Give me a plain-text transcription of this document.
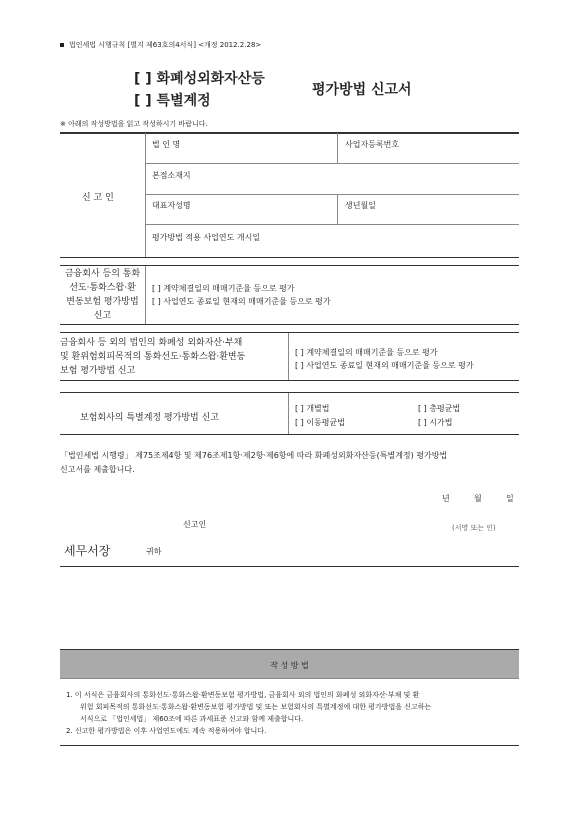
법인세법 시행규칙 [별지 제63호의4서식] <개정 2012.2.28>
[ ] 화폐성외화자산등
[ ] 특별계정
평가방법 신고서
※ 아래의 작성방법을 읽고 작성하시기 바랍니다.
신 고 인
법 인 명	사업자등록번호
본점소재지
대표자성명	생년월일
평가방법 적용 사업연도 개시일
금융회사 등의 통화
선도·통화스왑·환
변동보험 평가방법
신고
[ ] 계약체결일의 매매기준율 등으로 평가
[ ] 사업연도 종료일 현재의 매매기준율 등으로 평가
금융회사 등 외의 법인의 화폐성 외화자산·부채
및 환위험회피목적의 통화선도·통화스왑·환변동
보험 평가방법 신고
[ ] 계약체결일의 매매기준율 등으로 평가
[ ] 사업연도 종료일 현재의 매매기준율 등으로 평가
보험회사의 특별계정 평가방법 신고
[ ] 개별법	[ ] 총평균법
[ ] 이동평균법	[ ] 시가법
「법인세법 시행령」 제75조제4항 및 제76조제1항·제2항·제6항에 따라 화폐성외화자산등(특별계정) 평가방법
신고서를 제출합니다.
년	월	일
신고인	(서명 또는 인)
세무서장	귀하
작 성 방 법
1. 이 서식은 금융회사의 통화선도·통화스왑·환변동보험 평가방법, 금융회사 외의 법인의 화폐성 외화자산·부채 및 환
위험 회피목적의 통화선도·통화스왑·환변동보험 평가방법 및 또는 보험회사의 특별계정에 대한 평가방법을 신고하는
서식으로 「법인세법」 제60조에 따른 과세표준 신고와 함께 제출합니다.
2. 신고한 평가방법은 이후 사업연도에도 계속 적용하여야 합니다.
